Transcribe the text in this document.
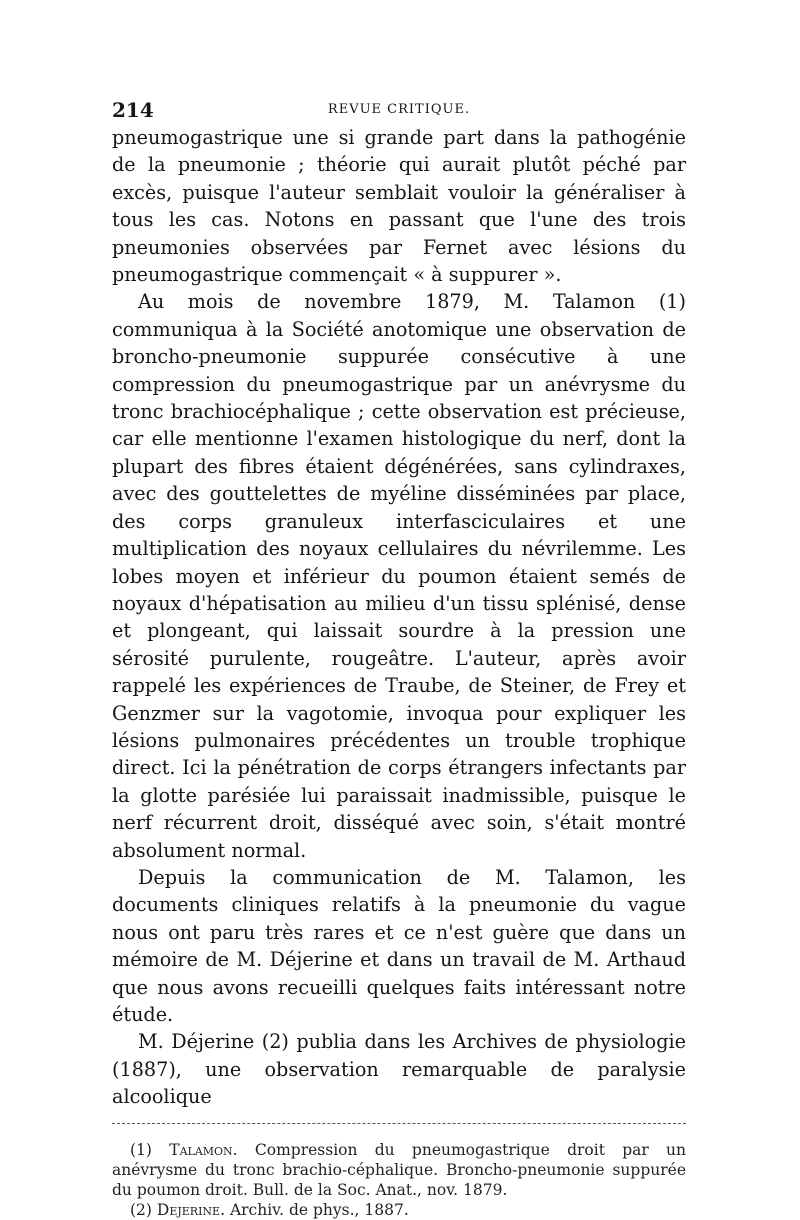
214	REVUE CRITIQUE.

pneumogastrique une si grande part dans la pathogénie de la pneumonie ; théorie qui aurait plutôt péché par excès, puisque l'auteur semblait vouloir la généraliser à tous les cas. Notons en passant que l'une des trois pneumonies observées par Fernet avec lésions du pneumogastrique commençait « à suppurer ».

Au mois de novembre 1879, M. Talamon (1) communiqua à la Société anotomique une observation de broncho-pneumonie suppurée consécutive à une compression du pneumogastrique par un anévrysme du tronc brachiocéphalique ; cette observation est précieuse, car elle mentionne l'examen histologique du nerf, dont la plupart des fibres étaient dégénérées, sans cylindraxes, avec des gouttelettes de myéline disséminées par place, des corps granuleux interfasciculaires et une multiplication des noyaux cellulaires du névrilemme. Les lobes moyen et inférieur du poumon étaient semés de noyaux d'hépatisation au milieu d'un tissu splénisé, dense et plongeant, qui laissait sourdre à la pression une sérosité purulente, rougeâtre. L'auteur, après avoir rappelé les expériences de Traube, de Steiner, de Frey et Genzmer sur la vagotomie, invoqua pour expliquer les lésions pulmonaires précédentes un trouble trophique direct. Ici la pénétration de corps étrangers infectants par la glotte parésiée lui paraissait inadmissible, puisque le nerf récurrent droit, disséqué avec soin, s'était montré absolument normal.

Depuis la communication de M. Talamon, les documents cliniques relatifs à la pneumonie du vague nous ont paru très rares et ce n'est guère que dans un mémoire de M. Déjerine et dans un travail de M. Arthaud que nous avons recueilli quelques faits intéressant notre étude.

M. Déjerine (2) publia dans les Archives de physiologie (1887), une observation remarquable de paralysie alcoolique

(1) Talamon. Compression du pneumogastrique droit par un anévrysme du tronc brachio-céphalique. Broncho-pneumonie suppurée du poumon droit. Bull. de la Soc. Anat., nov. 1879.

(2) Dejerine. Archiv. de phys., 1887.
